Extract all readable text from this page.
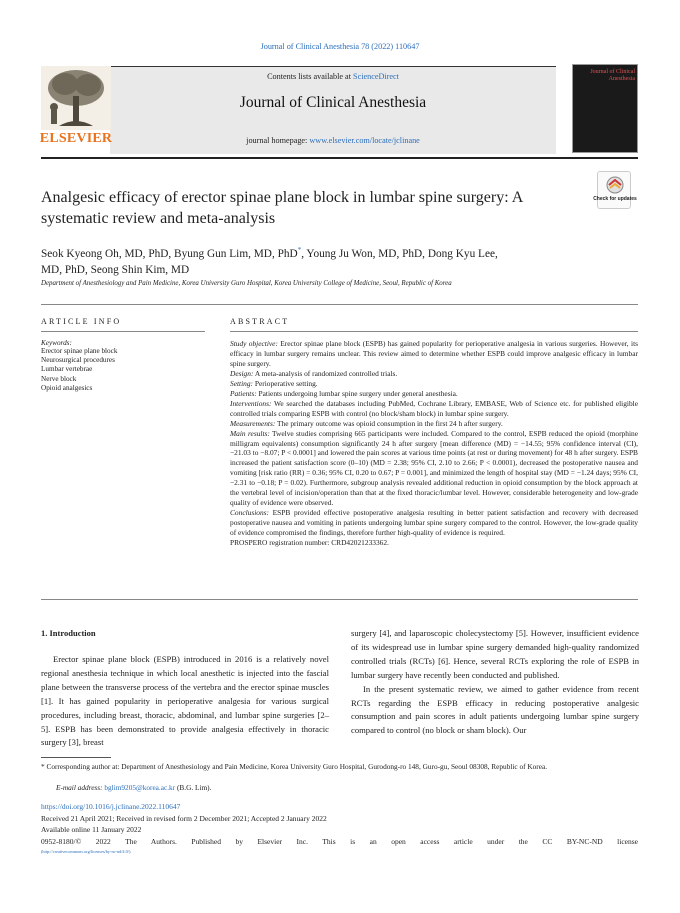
Journal of Clinical Anesthesia 78 (2022) 110647
Contents lists available at ScienceDirect
Journal of Clinical Anesthesia
journal homepage: www.elsevier.com/locate/jclinane
ELSEVIER
Journal of Clinical Anesthesia
Analgesic efficacy of erector spinae plane block in lumbar spine surgery: A systematic review and meta-analysis
Check for updates
Seok Kyeong Oh, MD, PhD, Byung Gun Lim, MD, PhD*, Young Ju Won, MD, PhD, Dong Kyu Lee,
MD, PhD, Seong Shin Kim, MD
Department of Anesthesiology and Pain Medicine, Korea University Guro Hospital, Korea University College of Medicine, Seoul, Republic of Korea
ARTICLE INFO
Keywords:
Erector spinae plane block
Neurosurgical procedures
Lumbar vertebrae
Nerve block
Opioid analgesics
ABSTRACT
Study objective: Erector spinae plane block (ESPB) has gained popularity for perioperative analgesia in various surgeries. However, its efficacy in lumbar surgery remains unclear. This review aimed to determine whether ESPB could improve analgesic efficacy in lumbar spine surgery.
Design: A meta-analysis of randomized controlled trials.
Setting: Perioperative setting.
Patients: Patients undergoing lumbar spine surgery under general anesthesia.
Interventions: We searched the databases including PubMed, Cochrane Library, EMBASE, Web of Science etc. for published eligible controlled trials comparing ESPB with control (no block/sham block) in lumbar spine surgery.
Measurements: The primary outcome was opioid consumption in the first 24 h after surgery.
Main results: Twelve studies comprising 665 participants were included. Compared to the control, ESPB reduced the opioid (morphine milligram equivalents) consumption significantly 24 h after surgery [mean difference (MD) = −14.55; 95% confidence interval (CI), −21.03 to −8.07; P < 0.0001] and lowered the pain scores at various time points (at rest or during movement) for 48 h after surgery. ESPB increased the patient satisfaction score (0–10) (MD = 2.38; 95% CI, 2.10 to 2.66; P < 0.0001), decreased the postoperative nausea and vomiting [risk ratio (RR) = 0.36; 95% CI, 0.20 to 0.67; P = 0.001], and minimized the length of hospital stay (MD = −1.24 days; 95% CI, −2.31 to −0.18; P = 0.02). Furthermore, subgroup analysis revealed additional reduction in opioid consumption by the block approach at the vertebral level of incision/operation than that at the fixed thoracic/lumbar level. However, considerable heterogeneity and low-grade quality of evidence were observed.
Conclusions: ESPB provided effective postoperative analgesia resulting in better patient satisfaction and recovery with decreased postoperative nausea and vomiting in patients undergoing lumbar spine surgery compared to the control. However, the low-grade quality of evidence compromised the findings, therefore further high-quality of evidence is required.
PROSPERO registration number: CRD42021233362.
1. Introduction
Erector spinae plane block (ESPB) introduced in 2016 is a relatively novel regional anesthesia technique in which local anesthetic is injected into the fascial plane between the transverse process of the vertebra and the erector spinae muscles [1]. It has gained popularity in perioperative analgesia for various surgical procedures, including breast, thoracic, abdominal, and lumbar spine surgeries [2–5]. ESPB has been demonstrated to provide analgesia effectively in thoracic surgery [3], breast
surgery [4], and laparoscopic cholecystectomy [5]. However, insufficient evidence of its widespread use in lumbar spine surgery demanded high-quality randomized controlled trials (RCTs) [6]. Hence, several RCTs exploring the role of ESPB in lumbar surgery have recently been conducted and published.
In the present systematic review, we aimed to gather evidence from recent RCTs regarding the ESPB efficacy in reducing postoperative analgesic consumption and pain scores in adult patients undergoing lumbar spine surgery compared to control (no block or sham block). Our
* Corresponding author at: Department of Anesthesiology and Pain Medicine, Korea University Guro Hospital, Gurodong-ro 148, Guro-gu, Seoul 08308, Republic of Korea.
E-mail address: bglim9205@korea.ac.kr (B.G. Lim).
https://doi.org/10.1016/j.jclinane.2022.110647
Received 21 April 2021; Received in revised form 2 December 2021; Accepted 2 January 2022
Available online 11 January 2022
0952-8180/© 2022 The Authors. Published by Elsevier Inc. This is an open access article under the CC BY-NC-ND license
(http://creativecommons.org/licenses/by-nc-nd/4.0/).
